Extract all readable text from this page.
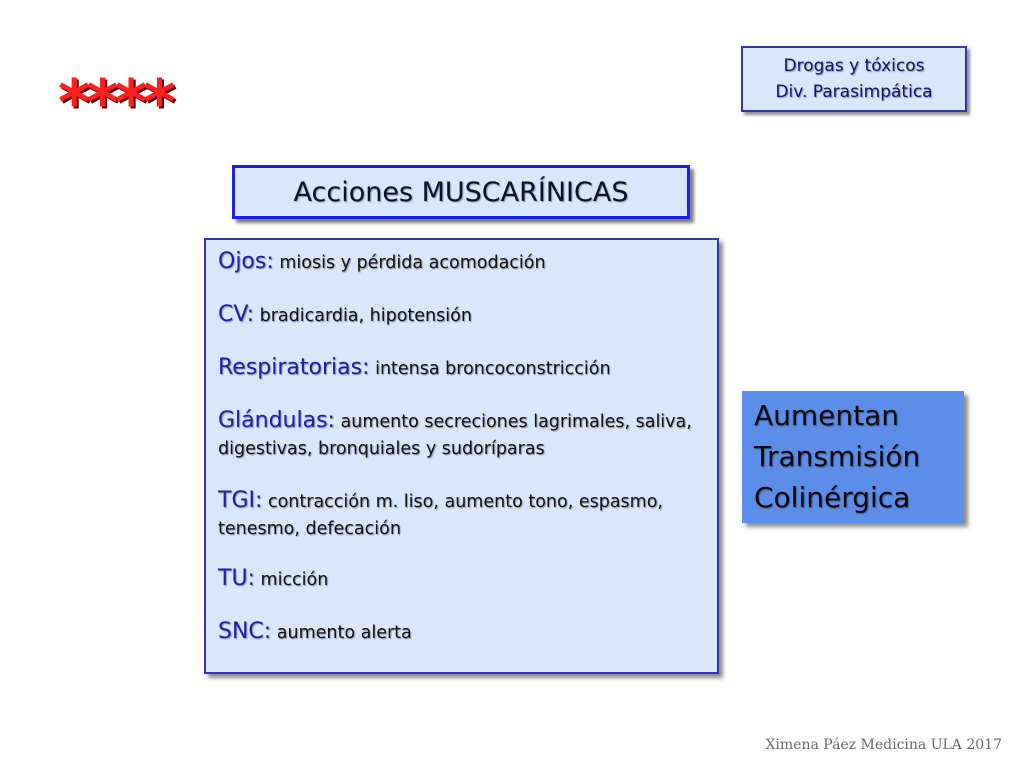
****	Drogas y tóxicos
Div. Parasimpática
Acciones MUSCARÍNICAS
Ojos: miosis y pérdida acomodación
CV: bradicardia, hipotensión
Respiratorias: intensa broncoconstricción
Glándulas: aumento secreciones lagrimales, saliva, digestivas, bronquiales y sudoríparas
TGI: contracción m. liso, aumento tono, espasmo, tenesmo, defecación
TU: micción
SNC: aumento alerta
Aumentan
Transmisión
Colinérgica
Ximena Páez Medicina ULA 2017
